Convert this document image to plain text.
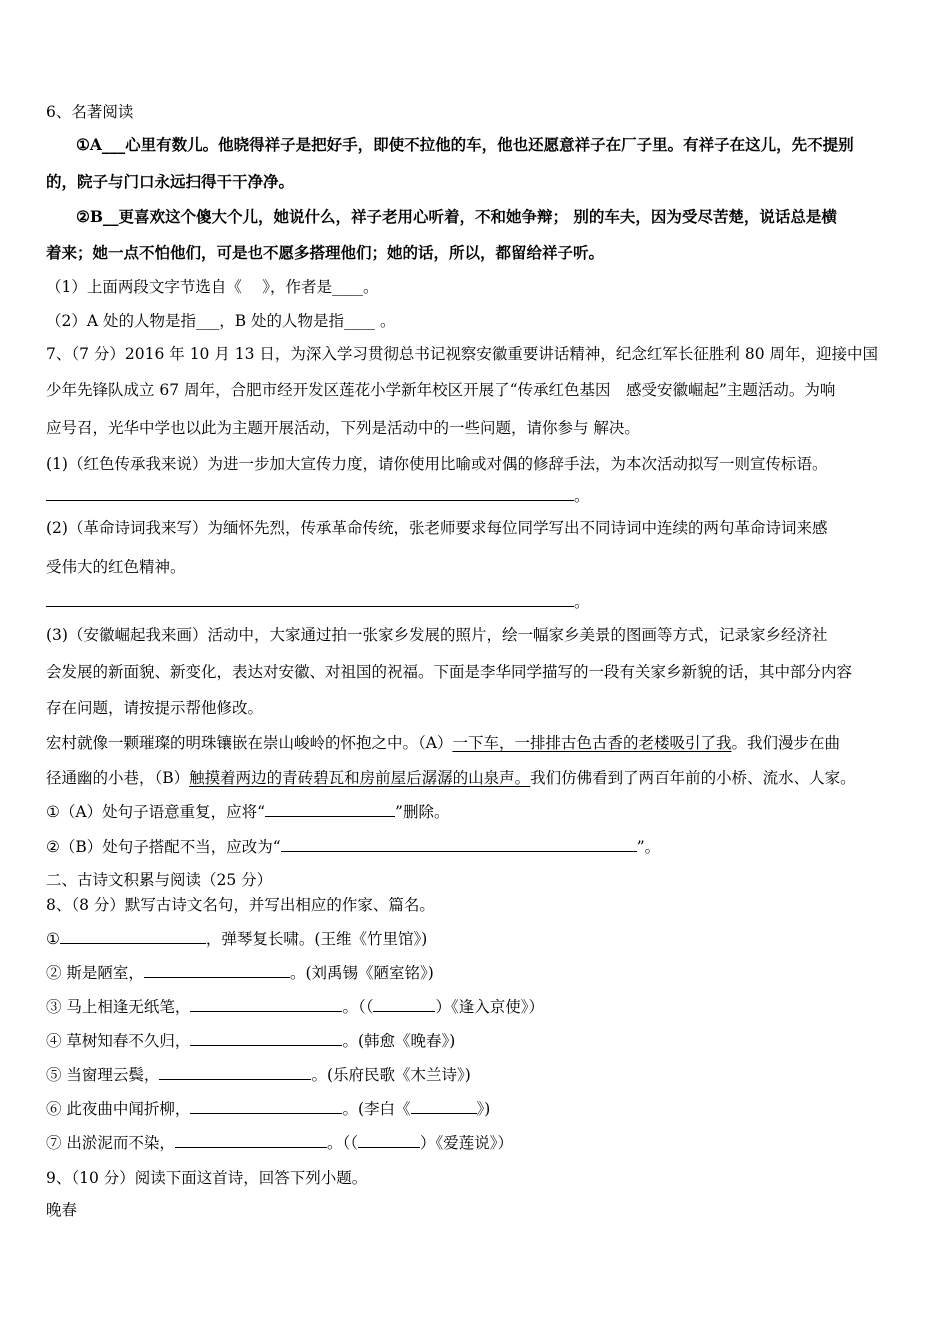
6、名著阅读
①A___心里有数儿。他晓得祥子是把好手，即使不拉他的车，他也还愿意祥子在厂子里。有祥子在这儿，先不提别
的，院子与门口永远扫得干干净净。
②B__更喜欢这个傻大个儿，她说什么，祥子老用心听着，不和她争辩； 别的车夫，因为受尽苦楚，说话总是横
着来；她一点不怕他们，可是也不愿多搭理他们；她的话，所以，都留给祥子听。
（1）上面两段文字节选自《　 》，作者是____。
（2）A 处的人物是指___，B 处的人物是指____ 。
7、（7 分）2016 年 10 月 13 日，为深入学习贯彻总书记视察安徽重要讲话精神，纪念红军长征胜利 80 周年，迎接中国
少年先锋队成立 67 周年，合肥市经开发区莲花小学新年校区开展了“传承红色基因　感受安徽崛起”主题活动。为响
应号召，光华中学也以此为主题开展活动，下列是活动中的一些问题，请你参与 解决。
(1)（红色传承我来说）为进一步加大宣传力度，请你使用比喻或对偶的修辞手法，为本次活动拟写一则宣传标语。
。
(2)（革命诗词我来写）为缅怀先烈，传承革命传统，张老师要求每位同学写出不同诗词中连续的两句革命诗词来感
受伟大的红色精神。
。
(3)（安徽崛起我来画）活动中，大家通过拍一张家乡发展的照片，绘一幅家乡美景的图画等方式，记录家乡经济社
会发展的新面貌、新变化，表达对安徽、对祖国的祝福。下面是李华同学描写的一段有关家乡新貌的话，其中部分内容
存在问题，请按提示帮他修改。
宏村就像一颗璀璨的明珠镶嵌在崇山峻岭的怀抱之中。（A）一下车，一排排古色古香的老楼吸引了我。我们漫步在曲
径通幽的小巷，（B）触摸着两边的青砖碧瓦和房前屋后潺潺的山泉声。我们仿佛看到了两百年前的小桥、流水、人家。
①（A）处句子语意重复，应将“	”删除。
②（B）处句子搭配不当，应改为“	”。
二、古诗文积累与阅读（25 分）
8、（8 分）默写古诗文名句，并写出相应的作家、篇名。
①	，弹琴复长啸。(王维《竹里馆》)
② 斯是陋室，	。(刘禹锡《陋室铭》)
③ 马上相逢无纸笔，	。（（	）《逢入京使》）
④ 草树知春不久归，	。(韩愈《晚春》)
⑤ 当窗理云鬓，	。(乐府民歌《木兰诗》)
⑥ 此夜曲中闻折柳，	。(李白《	》)
⑦ 出淤泥而不染，	。（（	）《爱莲说》）
9、（10 分）阅读下面这首诗，回答下列小题。
晚春
